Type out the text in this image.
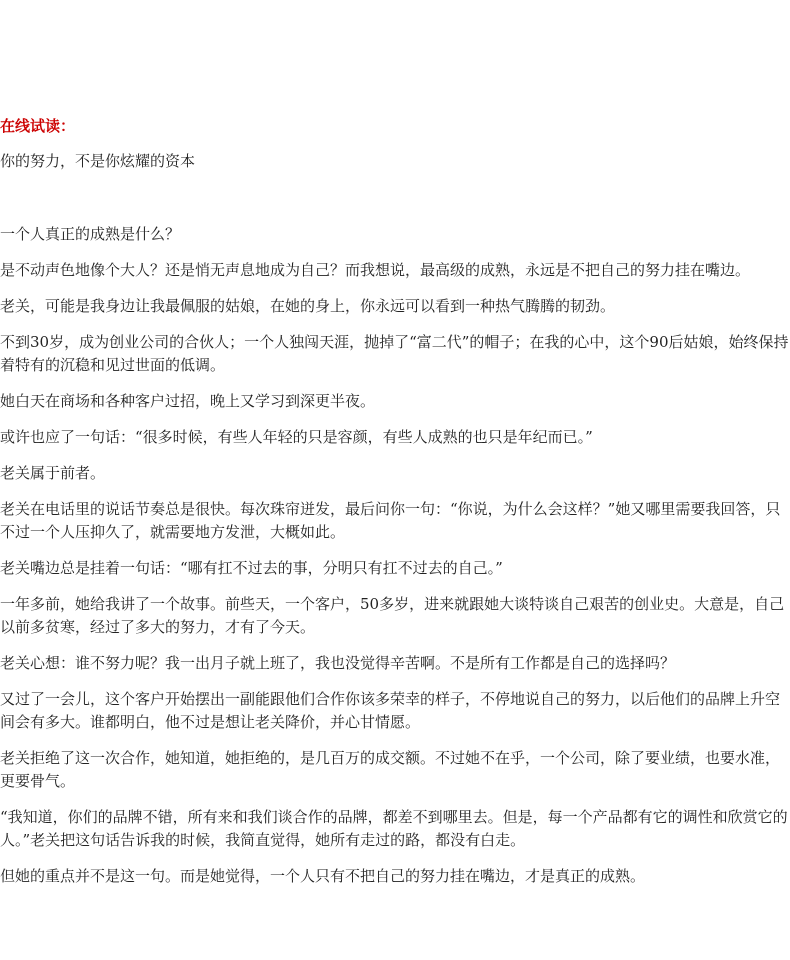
在线试读：

你的努力，不是你炫耀的资本

一个人真正的成熟是什么？

是不动声色地像个大人？还是悄无声息地成为自己？而我想说，最高级的成熟，永远是不把自己的努力挂在嘴边。

老关，可能是我身边让我最佩服的姑娘，在她的身上，你永远可以看到一种热气腾腾的韧劲。

不到30岁，成为创业公司的合伙人；一个人独闯天涯，抛掉了“富二代”的帽子；在我的心中，这个90后姑娘，始终保持着特有的沉稳和见过世面的低调。

她白天在商场和各种客户过招，晚上又学习到深更半夜。

或许也应了一句话：“很多时候，有些人年轻的只是容颜，有些人成熟的也只是年纪而已。”

老关属于前者。

老关在电话里的说话节奏总是很快。每次珠帘迸发，最后问你一句：“你说，为什么会这样？”她又哪里需要我回答，只不过一个人压抑久了，就需要地方发泄，大概如此。

老关嘴边总是挂着一句话：“哪有扛不过去的事，分明只有扛不过去的自己。”

一年多前，她给我讲了一个故事。前些天，一个客户，50多岁，进来就跟她大谈特谈自己艰苦的创业史。大意是，自己以前多贫寒，经过了多大的努力，才有了今天。

老关心想：谁不努力呢？我一出月子就上班了，我也没觉得辛苦啊。不是所有工作都是自己的选择吗？

又过了一会儿，这个客户开始摆出一副能跟他们合作你该多荣幸的样子，不停地说自己的努力，以后他们的品牌上升空间会有多大。谁都明白，他不过是想让老关降价，并心甘情愿。

老关拒绝了这一次合作，她知道，她拒绝的，是几百万的成交额。不过她不在乎，一个公司，除了要业绩，也要水准，更要骨气。

“我知道，你们的品牌不错，所有来和我们谈合作的品牌，都差不到哪里去。但是，每一个产品都有它的调性和欣赏它的人。”老关把这句话告诉我的时候，我简直觉得，她所有走过的路，都没有白走。

但她的重点并不是这一句。而是她觉得，一个人只有不把自己的努力挂在嘴边，才是真正的成熟。
